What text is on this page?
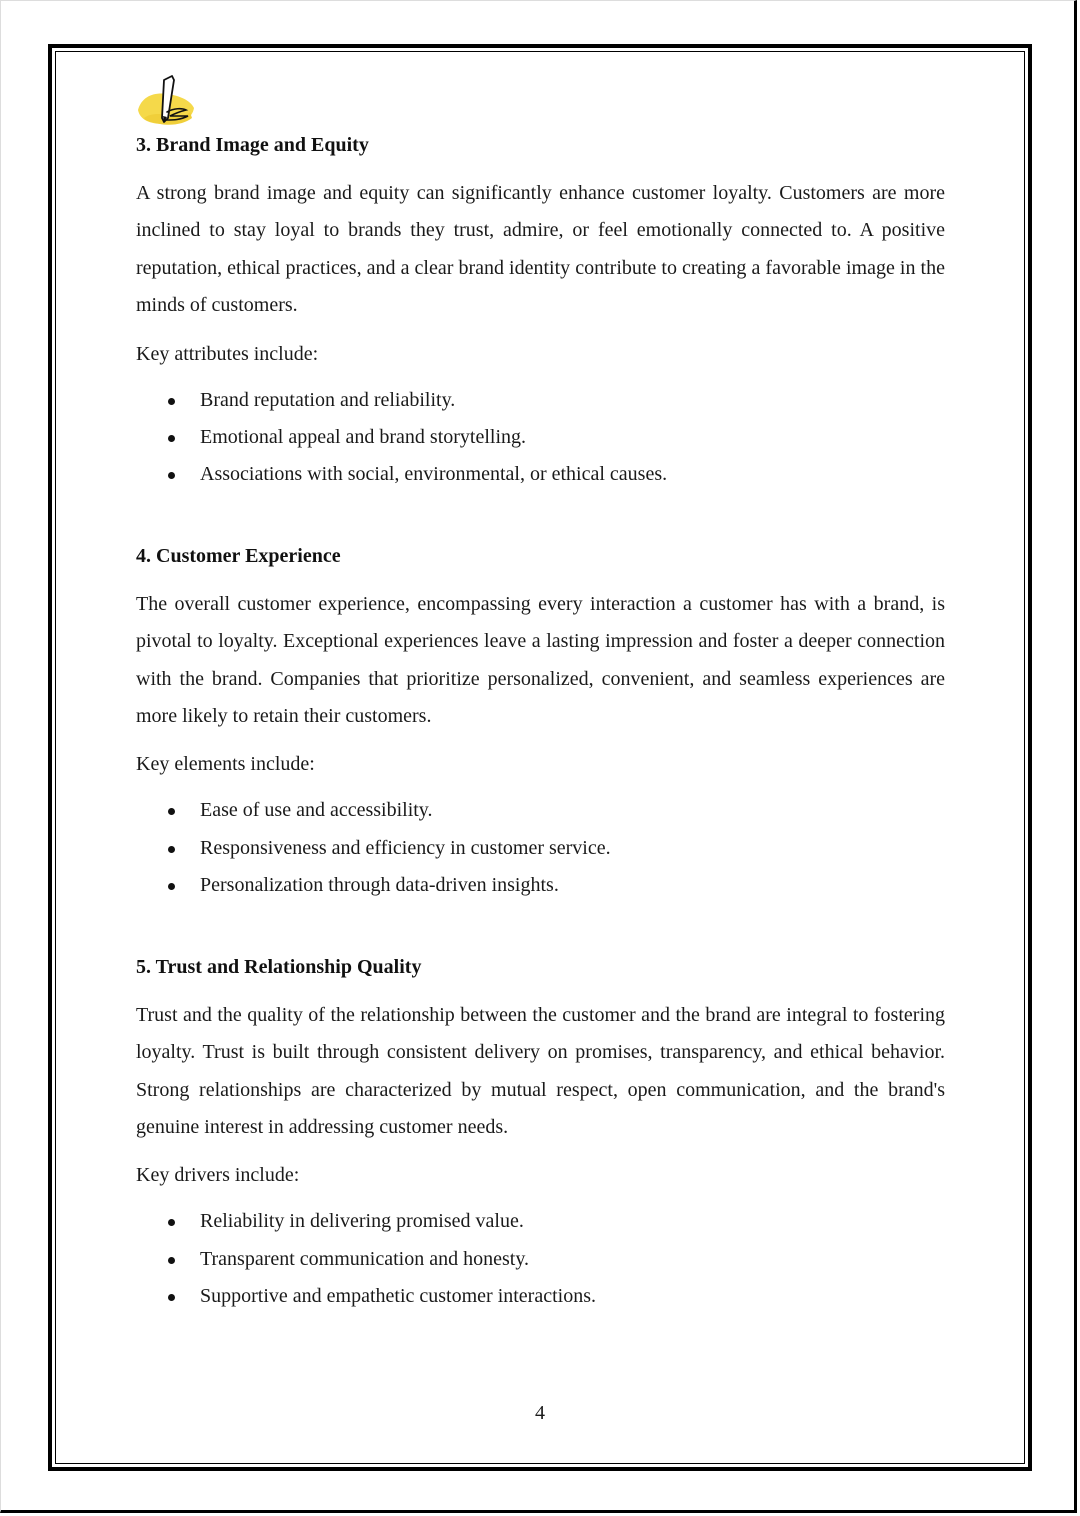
3. Brand Image and Equity

A strong brand image and equity can significantly enhance customer loyalty. Customers are more inclined to stay loyal to brands they trust, admire, or feel emotionally connected to. A positive reputation, ethical practices, and a clear brand identity contribute to creating a favorable image in the minds of customers.

Key attributes include:

Brand reputation and reliability.
Emotional appeal and brand storytelling.
Associations with social, environmental, or ethical causes.
4. Customer Experience

The overall customer experience, encompassing every interaction a customer has with a brand, is pivotal to loyalty. Exceptional experiences leave a lasting impression and foster a deeper connection with the brand. Companies that prioritize personalized, convenient, and seamless experiences are more likely to retain their customers.

Key elements include:

Ease of use and accessibility.
Responsiveness and efficiency in customer service.
Personalization through data-driven insights.
5. Trust and Relationship Quality

Trust and the quality of the relationship between the customer and the brand are integral to fostering loyalty. Trust is built through consistent delivery on promises, transparency, and ethical behavior. Strong relationships are characterized by mutual respect, open communication, and the brand's genuine interest in addressing customer needs.

Key drivers include:

Reliability in delivering promised value.
Transparent communication and honesty.
Supportive and empathetic customer interactions.
4
